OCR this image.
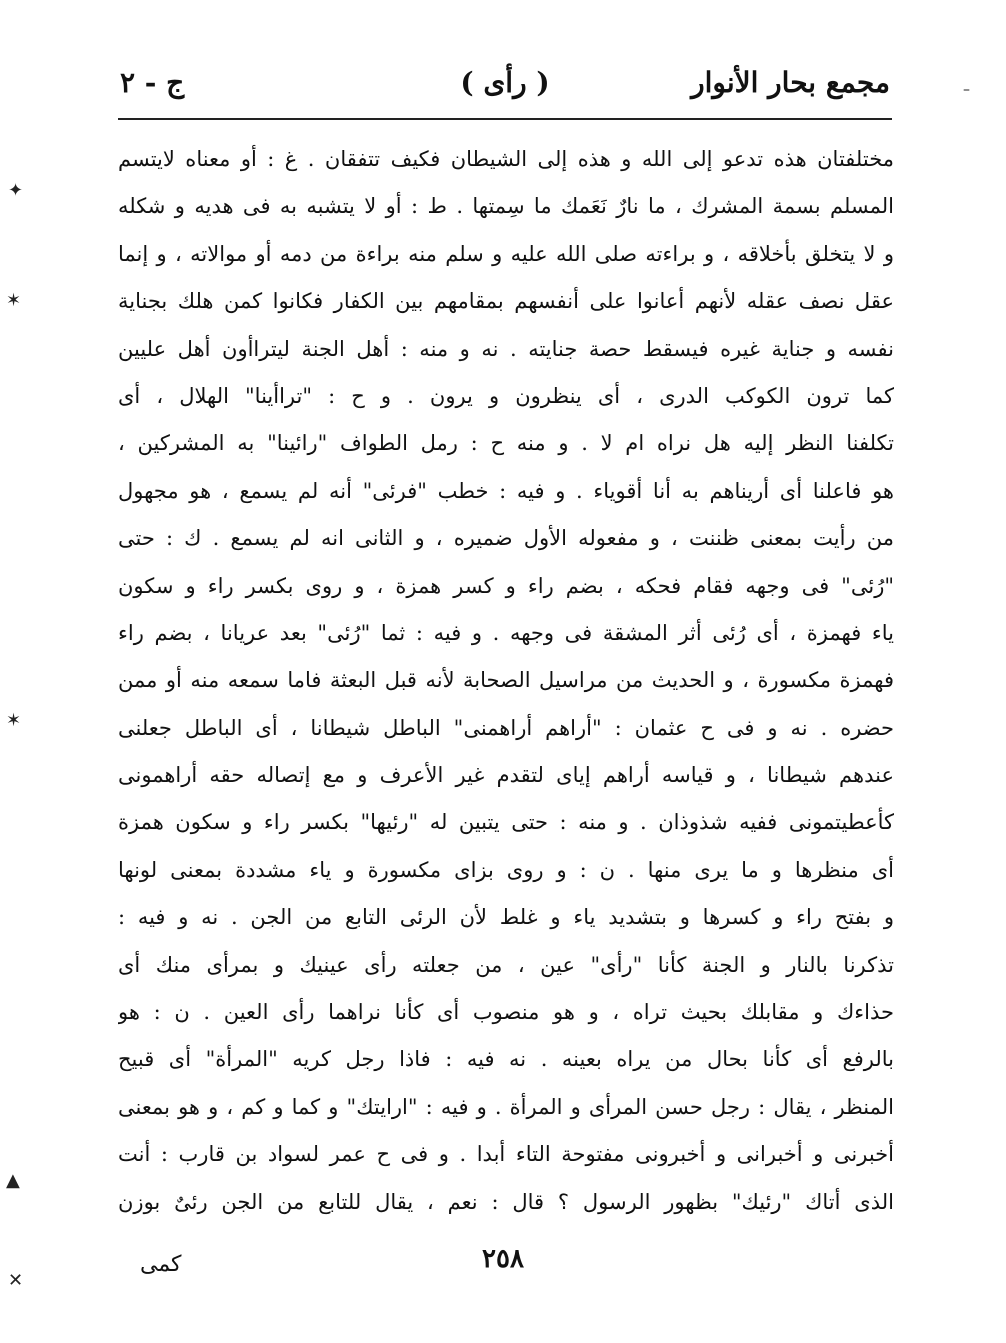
مجمع بحار الأنوار
( رأى )
ج - ٢
مختلفتان هذه تدعو إلى الله و هذه إلى الشيطان فكيف تتفقان . غ : أو معناه لايتسم
المسلم بسمة المشرك ، ما نارٌ نَعَمك ما سِمتها . ط : أو لا يتشبه به فى هديه و شكله
و لا يتخلق بأخلاقه ، و براءته صلى الله عليه و سلم منه براءة من دمه أو موالاته ، و إنما
عقل نصف عقله لأنهم أعانوا على أنفسهم بمقامهم بين الكفار فكانوا كمن هلك بجناية
نفسه و جناية غيره فيسقط حصة جنايته . نه و منه : أهل الجنة ليتراأون أهل عليين
كما ترون الكوكب الدرى ، أى ينظرون و يرون . و ح : "تراأينا" الهلال ، أى
تكلفنا النظر إليه هل نراه ام لا . و منه ح : رمل الطواف "رائينا" به المشركين ،
هو فاعلنا أى أريناهم به أنا أقوياء . و فيه : خطب "فرئى" أنه لم يسمع ، هو مجهول
من رأيت بمعنى ظننت ، و مفعوله الأول ضميره ، و الثانى انه لم يسمع . ك : حتى
"رُئى" فى وجهه فقام فحكه ، بضم راء و كسر همزة ، و روى بكسر راء و سكون
ياء فهمزة ، أى رُئى أثر المشقة فى وجهه . و فيه : ثما "رُئى" بعد عريانا ، بضم راء
فهمزة مكسورة ، و الحديث من مراسيل الصحابة لأنه قبل البعثة فاما سمعه منه أو ممن
حضره . نه و فى ح عثمان : "أراهم أراهمنى" الباطل شيطانا ، أى الباطل جعلنى
عندهم شيطانا ، و قياسه أراهم إياى لتقدم غير الأعرف و مع إتصاله حقه أراهمونى
كأعطيتمونى ففيه شذوذان . و منه : حتى يتبين له "رئيها" بكسر راء و سكون همزة
أى منظرها و ما يرى منها . ن : و روى بزاى مكسورة و ياء مشددة بمعنى لونها
و بفتح راء و كسرها و بتشديد ياء و غلط لأن الرئى التابع من الجن . نه و فيه :
تذكرنا بالنار و الجنة كأنا "رأى" عين ، من جعلته رأى عينيك و بمرأى منك أى
حذاءك و مقابلك بحيث تراه ، و هو منصوب أى كأنا نراهما رأى العين . ن : هو
بالرفع أى كأنا بحال من يراه بعينه . نه فيه : فاذا رجل كريه "المرأة" أى قبيح
المنظر ، يقال : رجل حسن المرأى و المرأة . و فيه : "ارايتك" و كما و كم ، و هو بمعنى
أخبرنى و أخبرانى و أخبرونى مفتوحة التاء أبدا . و فى ح عمر لسواد بن قارب : أنت
الذى أتاك "رئيك" بظهور الرسول ؟ قال : نعم ، يقال للتابع من الجن رئىٌ بوزن
٢٥٨
كمى
✦
✶
✶
▲
✕
–
